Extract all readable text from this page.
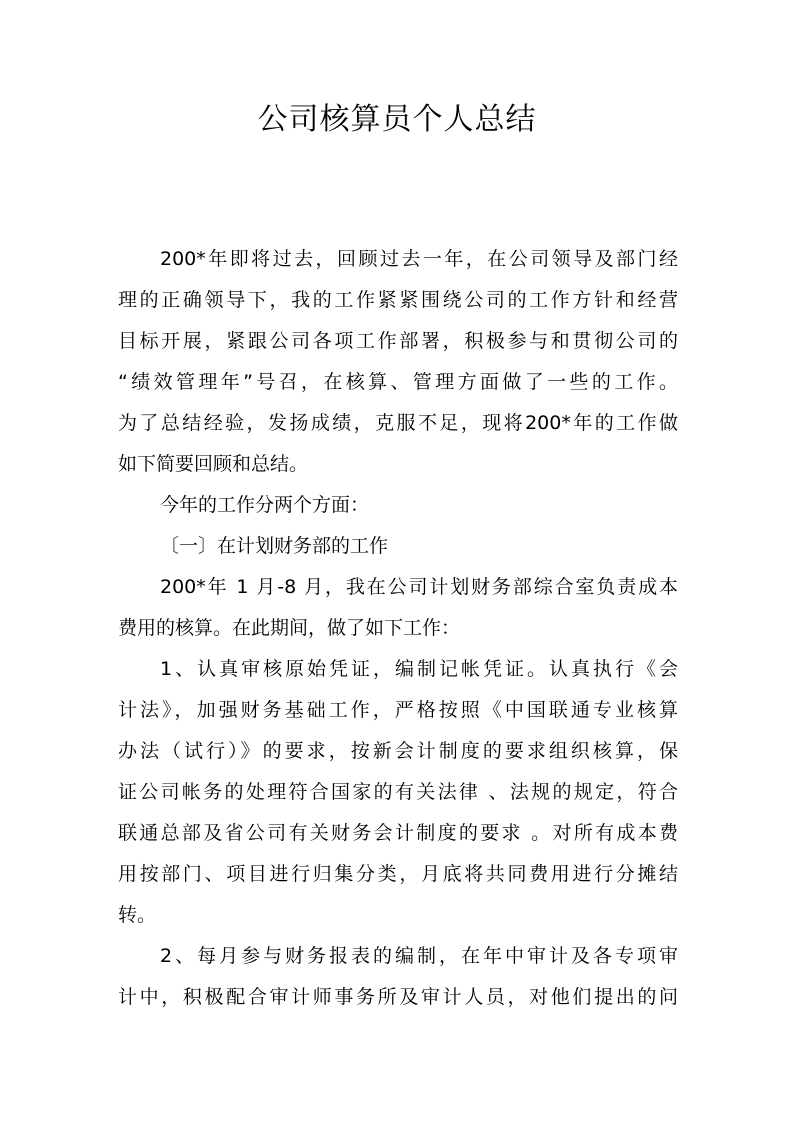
公司核算员个人总结
200*年即将过去，回顾过去一年，在公司领导及部门经
理的正确领导下，我的工作紧紧围绕公司的工作方针和经营
目标开展，紧跟公司各项工作部署，积极参与和贯彻公司的
“绩效管理年”号召，在核算、管理方面做了一些的工作。
为了总结经验，发扬成绩，克服不足，现将200*年的工作做
如下简要回顾和总结。
今年的工作分两个方面：
〔一〕在计划财务部的工作
200*年 1 月-8 月，我在公司计划财务部综合室负责成本
费用的核算。在此期间，做了如下工作：
1、认真审核原始凭证，编制记帐凭证。认真执行《会
计法》，加强财务基础工作，严格按照《中国联通专业核算
办法（试行）》的要求，按新会计制度的要求组织核算，保
证公司帐务的处理符合国家的有关法律 、法规的规定，符合
联通总部及省公司有关财务会计制度的要求 。对所有成本费
用按部门、项目进行归集分类，月底将共同费用进行分摊结
转。
2、每月参与财务报表的编制，在年中审计及各专项审
计中，积极配合审计师事务所及审计人员，对他们提出的问
